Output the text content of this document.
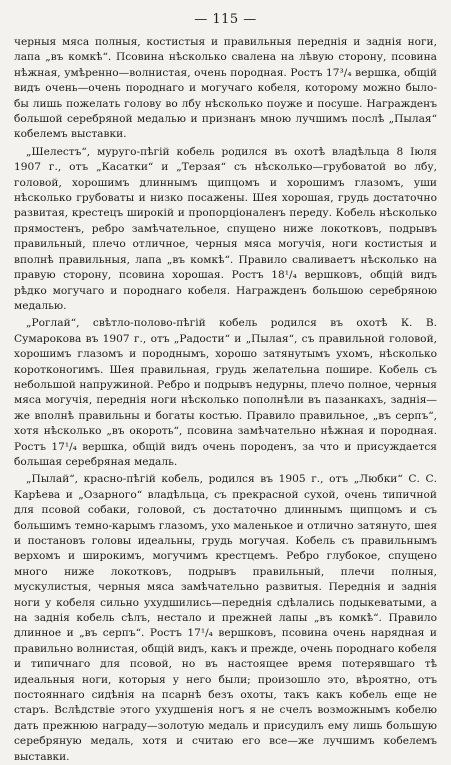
— 115 —

черныя мяса полныя, костистыя и правильныя переднія и заднія ноги, лапа „въ комкѣ“. Псовина нѣсколько свалена на лѣвую сторону, псовина нѣжная, умѣренно—волнистая, очень породная. Ростъ 17³/₄ вершка, общій видъ очень—очень породнаго и могучаго кобеля, которому можно было-бы лишь пожелать голову во лбу нѣсколько поуже и посуше. Награжденъ большой серебряной медалью и признанъ мною лучшимъ послѣ „Пылая“ кобелемъ выставки.

„Шелестъ“, муруго-пѣгій кобель родился въ охотѣ владѣльца 8 Іюля 1907 г., отъ „Касатки“ и „Терзая“ съ нѣсколько—грубоватой во лбу, головой, хорошимъ длиннымъ щипцомъ и хорошимъ глазомъ, уши нѣсколько грубоваты и низко посажены. Шея хорошая, грудь достаточно развитая, крестецъ широкій и пропорціоналенъ переду. Кобель нѣсколько прямостенъ, ребро замѣчательное, спущено ниже локотковъ, подрывъ правильный, плечо отличное, черныя мяса могучія, ноги костистыя и вполнѣ правильныя, лапа „въ комкѣ“. Правило сваливаетъ нѣсколько на правую сторону, псовина хорошая. Ростъ 18¹/₄ вершковъ, общій видъ рѣдко могучаго и породнаго кобеля. Награжденъ большою серебряною медалью.

„Роглай“, свѣтло-полово-пѣгій кобель родился въ охотѣ К. В. Сумарокова въ 1907 г., отъ „Радости“ и „Пылая“, съ правильной головой, хорошимъ глазомъ и породнымъ, хорошо затянутымъ ухомъ, нѣсколько коротконогимъ. Шея правильная, грудь желательна пошире. Кобель съ небольшой напружиной. Ребро и подрывъ недурны, плечо полное, черныя мяса могучія, переднія ноги нѣсколько пополнѣли въ пазанкахъ, заднія—же вполнѣ правильны и богаты костью. Правило правильное, „въ серпъ“, хотя нѣсколько „въ окороть“, псовина замѣчательно нѣжная и породная. Ростъ 17¹/₄ вершка, общій видъ очень породенъ, за что и присуждается большая серебряная медаль.

„Пылай“, красно-пѣгій кобель, родился въ 1905 г., отъ „Любки“ С. С. Карѣева и „Озарного“ владѣльца, съ прекрасной сухой, очень типичной для псовой собаки, головой, съ достаточно длиннымъ щипцомъ и съ большимъ темно-карымъ глазомъ, ухо маленькое и отлично затянуто, шея и постановъ головы идеальны, грудь могучая. Кобель съ правильнымъ верхомъ и широкимъ, могучимъ крестцемъ. Ребро глубокое, спущено много ниже локотковъ, подрывъ правильный, плечи полныя, мускулистыя, черныя мяса замѣчательно развитыя. Переднія и заднія ноги у кобеля сильно ухудшились—переднія сдѣлались подыкеватыми, а на заднія кобель сѣлъ, нестало и прежней лапы „въ комкѣ“. Правило длинное и „въ серпъ“. Ростъ 17¹/₄ вершковъ, псовина очень нарядная и правильно волнистая, общій видъ, какъ и прежде, очень породнаго кобеля и типичнаго для псовой, но въ настоящее время потерявшаго тѣ идеальныя ноги, которыя у него были; произошло это, вѣроятно, отъ постояннаго сидѣнія на псарнѣ безъ охоты, такъ какъ кобель еще не старъ. Вслѣдствіе этого ухудшенія ногъ я не счелъ возможнымъ кобелю дать прежнюю награду—золотую медаль и присудилъ ему лишь большую серебряную медаль, хотя и считаю его все—же лучшимъ кобелемъ выставки.
